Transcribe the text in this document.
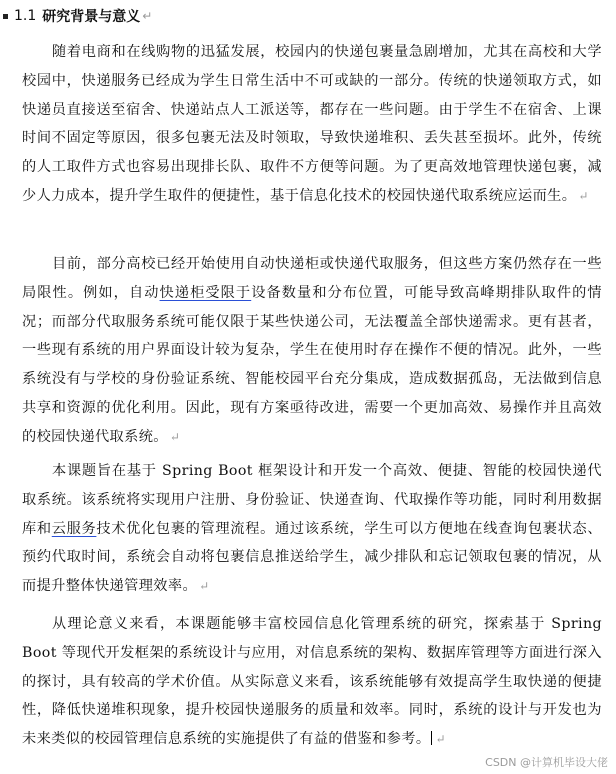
1.1 研究背景与意义 ↵

随着电商和在线购物的迅猛发展，校园内的快递包裹量急剧增加，尤其在高校和大学校园中，快递服务已经成为学生日常生活中不可或缺的一部分。传统的快递领取方式，如快递员直接送至宿舍、快递站点人工派送等，都存在一些问题。由于学生不在宿舍、上课时间不固定等原因，很多包裹无法及时领取，导致快递堆积、丢失甚至损坏。此外，传统的人工取件方式也容易出现排长队、取件不方便等问题。为了更高效地管理快递包裹，减少人力成本，提升学生取件的便捷性，基于信息化技术的校园快递代取系统应运而生。 ↵

目前，部分高校已经开始使用自动快递柜或快递代取服务，但这些方案仍然存在一些局限性。例如，自动快递柜受限于设备数量和分布位置，可能导致高峰期排队取件的情况；而部分代取服务系统可能仅限于某些快递公司，无法覆盖全部快递需求。更有甚者，一些现有系统的用户界面设计较为复杂，学生在使用时存在操作不便的情况。此外，一些系统没有与学校的身份验证系统、智能校园平台充分集成，造成数据孤岛，无法做到信息共享和资源的优化利用。因此，现有方案亟待改进，需要一个更加高效、易操作并且高效的校园快递代取系统。 ↵

本课题旨在基于 Spring Boot 框架设计和开发一个高效、便捷、智能的校园快递代取系统。该系统将实现用户注册、身份验证、快递查询、代取操作等功能，同时利用数据库和云服务技术优化包裹的管理流程。通过该系统，学生可以方便地在线查询包裹状态、预约代取时间，系统会自动将包裹信息推送给学生，减少排队和忘记领取包裹的情况，从而提升整体快递管理效率。 ↵

从理论意义来看，本课题能够丰富校园信息化管理系统的研究，探索基于 Spring Boot 等现代开发框架的系统设计与应用，对信息系统的架构、数据库管理等方面进行深入的探讨，具有较高的学术价值。从实际意义来看，该系统能够有效提高学生取快递的便捷性，降低快递堆积现象，提升校园快递服务的质量和效率。同时，系统的设计与开发也为未来类似的校园管理信息系统的实施提供了有益的借鉴和参考。 ↵

CSDN @计算机毕设大佬
